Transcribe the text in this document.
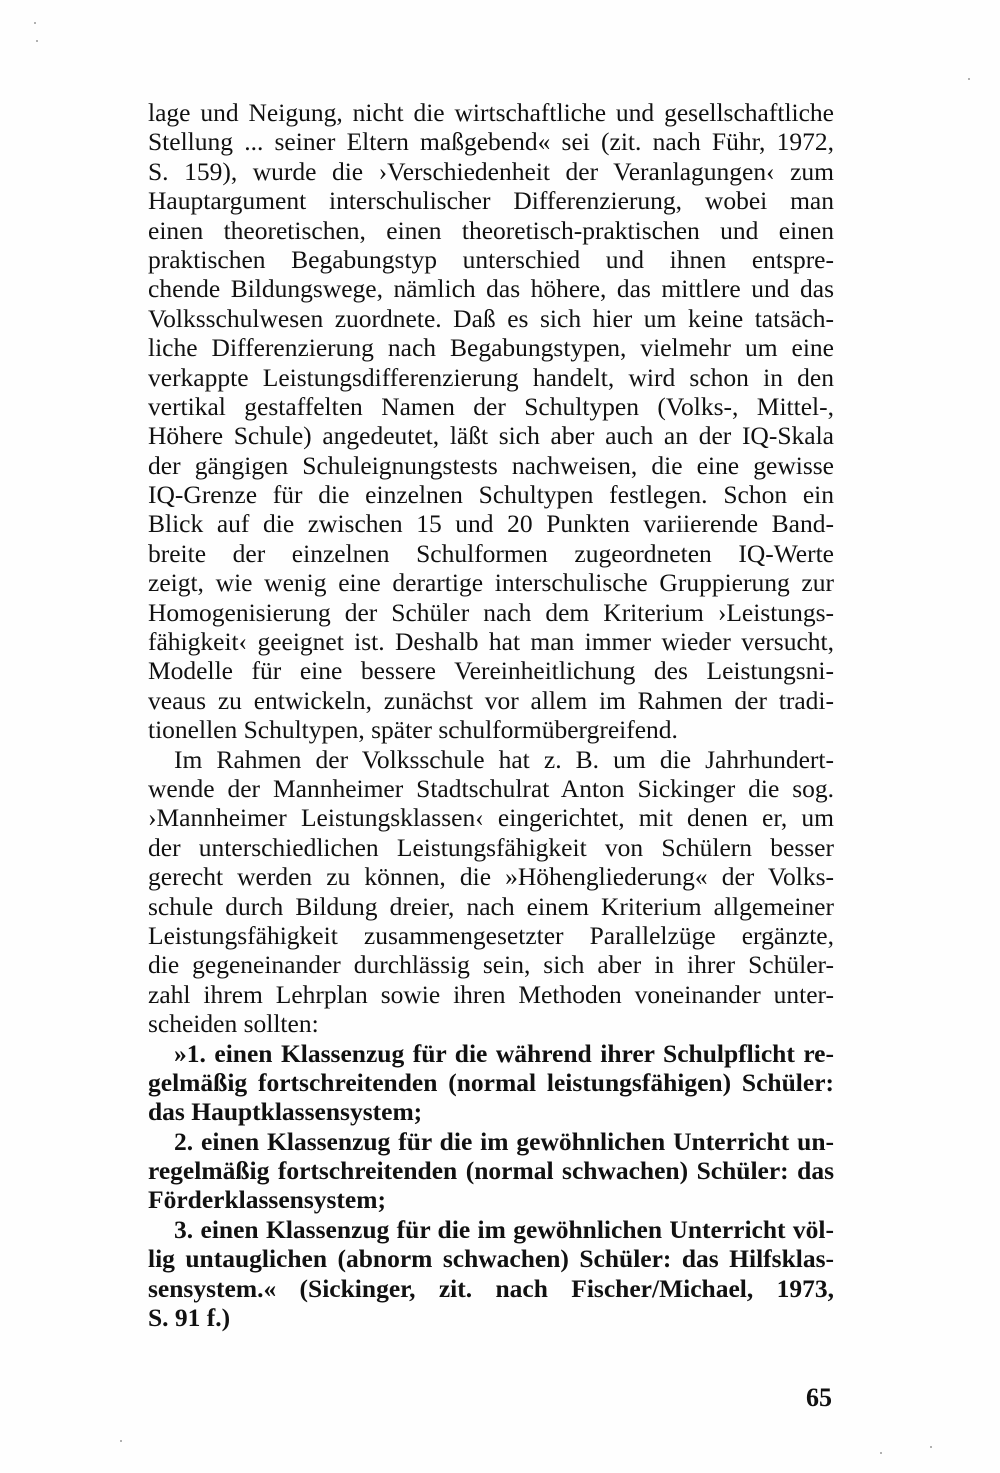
lage und Neigung, nicht die wirtschaftliche und gesellschaftliche
Stellung ... seiner Eltern maßgebend« sei (zit. nach Führ, 1972,
S. 159), wurde die ›Verschiedenheit der Veranlagungen‹ zum
Hauptargument interschulischer Differenzierung, wobei man
einen theoretischen, einen theoretisch-praktischen und einen
praktischen Begabungstyp unterschied und ihnen entspre-
chende Bildungswege, nämlich das höhere, das mittlere und das
Volksschulwesen zuordnete. Daß es sich hier um keine tatsäch-
liche Differenzierung nach Begabungstypen, vielmehr um eine
verkappte Leistungsdifferenzierung handelt, wird schon in den
vertikal gestaffelten Namen der Schultypen (Volks-, Mittel-,
Höhere Schule) angedeutet, läßt sich aber auch an der IQ-Skala
der gängigen Schuleignungstests nachweisen, die eine gewisse
IQ-Grenze für die einzelnen Schultypen festlegen. Schon ein
Blick auf die zwischen 15 und 20 Punkten variierende Band-
breite der einzelnen Schulformen zugeordneten IQ-Werte
zeigt, wie wenig eine derartige interschulische Gruppierung zur
Homogenisierung der Schüler nach dem Kriterium ›Leistungs-
fähigkeit‹ geeignet ist. Deshalb hat man immer wieder versucht,
Modelle für eine bessere Vereinheitlichung des Leistungsni-
veaus zu entwickeln, zunächst vor allem im Rahmen der tradi-
tionellen Schultypen, später schulformübergreifend.
Im Rahmen der Volksschule hat z. B. um die Jahrhundert-
wende der Mannheimer Stadtschulrat Anton Sickinger die sog.
›Mannheimer Leistungsklassen‹ eingerichtet, mit denen er, um
der unterschiedlichen Leistungsfähigkeit von Schülern besser
gerecht werden zu können, die »Höhengliederung« der Volks-
schule durch Bildung dreier, nach einem Kriterium allgemeiner
Leistungsfähigkeit zusammengesetzter Parallelzüge ergänzte,
die gegeneinander durchlässig sein, sich aber in ihrer Schüler-
zahl ihrem Lehrplan sowie ihren Methoden voneinander unter-
scheiden sollten:
»1. einen Klassenzug für die während ihrer Schulpflicht re-
gelmäßig fortschreitenden (normal leistungsfähigen) Schüler:
das Hauptklassensystem;
2. einen Klassenzug für die im gewöhnlichen Unterricht un-
regelmäßig fortschreitenden (normal schwachen) Schüler: das
Förderklassensystem;
3. einen Klassenzug für die im gewöhnlichen Unterricht völ-
lig untauglichen (abnorm schwachen) Schüler: das Hilfsklas-
sensystem.« (Sickinger, zit. nach Fischer/Michael, 1973,
S. 91 f.)
65
